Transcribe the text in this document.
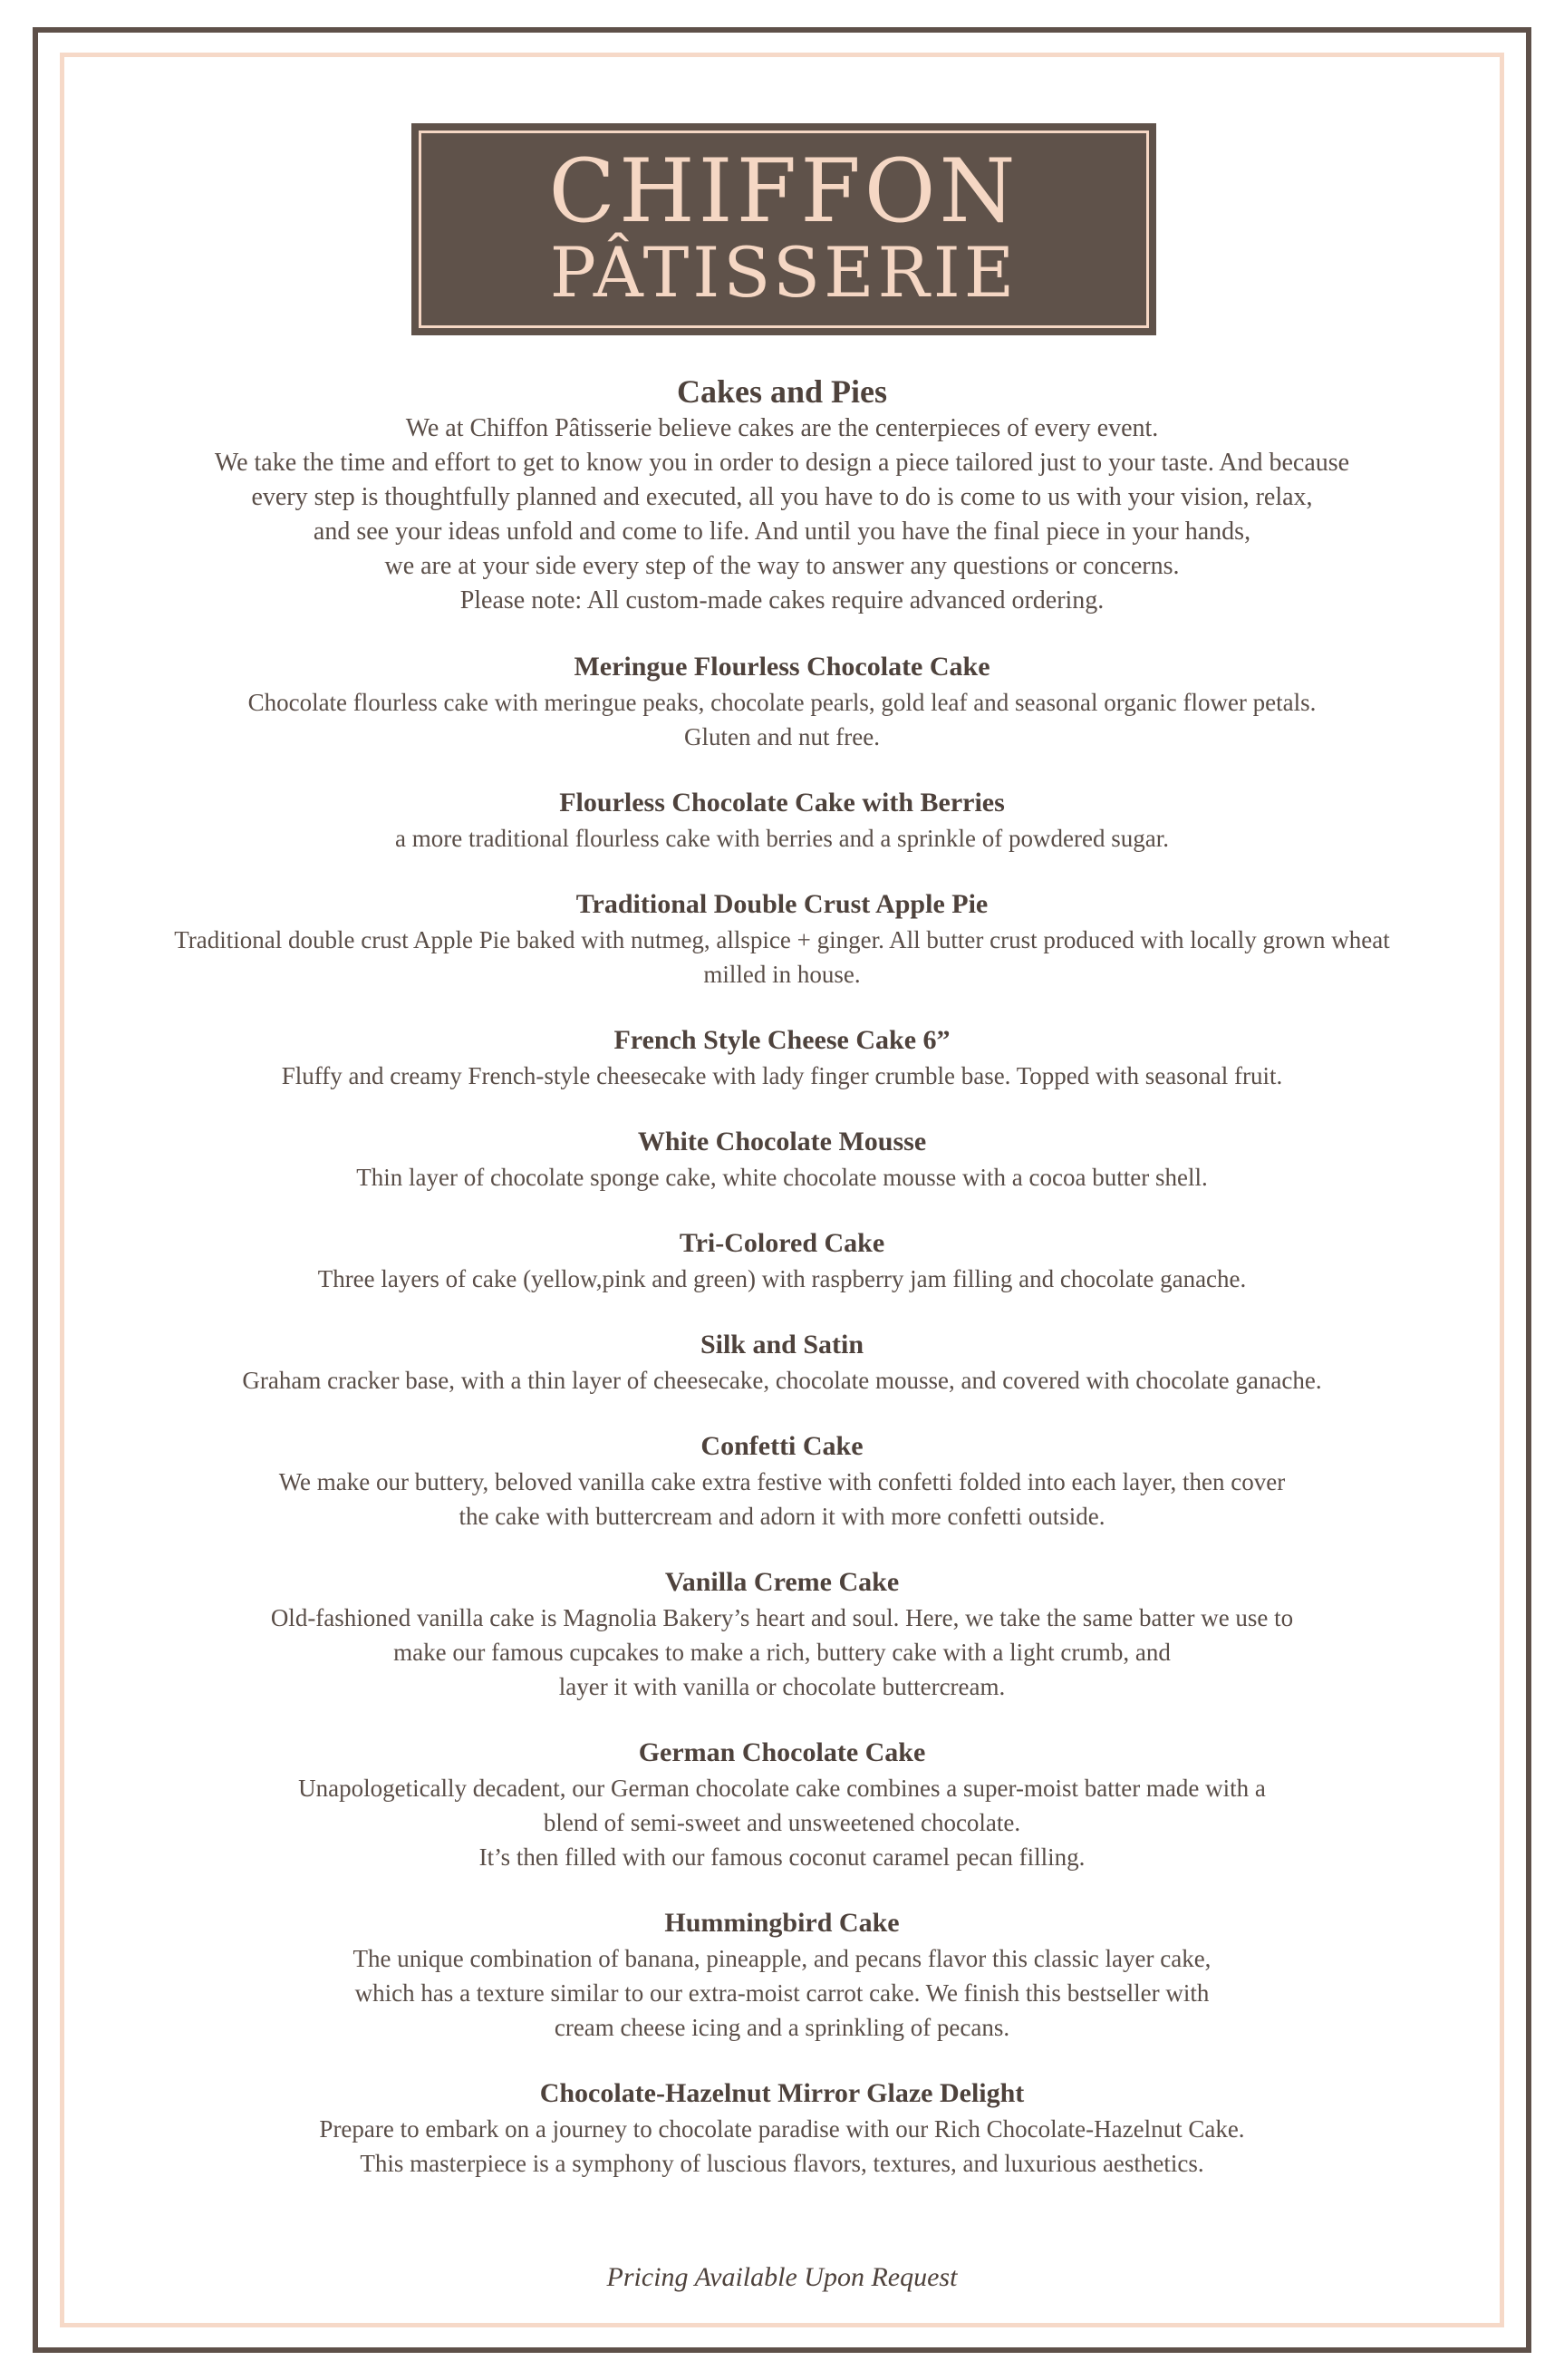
CHIFFON
PÂTISSERIE
Cakes and Pies

We at Chiffon Pâtisserie believe cakes are the centerpieces of every event.

We take the time and effort to get to know you in order to design a piece tailored just to your taste. And because

every step is thoughtfully planned and executed, all you have to do is come to us with your vision, relax,

and see your ideas unfold and come to life. And until you have the final piece in your hands,

we are at your side every step of the way to answer any questions or concerns.

Please note: All custom-made cakes require advanced ordering.

Meringue Flourless Chocolate Cake

Chocolate flourless cake with meringue peaks, chocolate pearls, gold leaf and seasonal organic flower petals.

Gluten and nut free.

Flourless Chocolate Cake with Berries

a more traditional flourless cake with berries and a sprinkle of powdered sugar.

Traditional Double Crust Apple Pie

Traditional double crust Apple Pie baked with nutmeg, allspice + ginger. All butter crust produced with locally grown wheat

milled in house.

French Style Cheese Cake 6”

Fluffy and creamy French-style cheesecake with lady finger crumble base. Topped with seasonal fruit.

White Chocolate Mousse

Thin layer of chocolate sponge cake, white chocolate mousse with a cocoa butter shell.

Tri-Colored Cake

Three layers of cake (yellow,pink and green) with raspberry jam filling and chocolate ganache.

Silk and Satin

Graham cracker base, with a thin layer of cheesecake, chocolate mousse, and covered with chocolate ganache.

Confetti Cake

We make our buttery, beloved vanilla cake extra festive with confetti folded into each layer, then cover

the cake with buttercream and adorn it with more confetti outside.

Vanilla Creme Cake

Old-fashioned vanilla cake is Magnolia Bakery’s heart and soul. Here, we take the same batter we use to

make our famous cupcakes to make a rich, buttery cake with a light crumb, and

layer it with vanilla or chocolate buttercream.

German Chocolate Cake

Unapologetically decadent, our German chocolate cake combines a super-moist batter made with a

blend of semi-sweet and unsweetened chocolate.

It’s then filled with our famous coconut caramel pecan filling.

Hummingbird Cake

The unique combination of banana, pineapple, and pecans flavor this classic layer cake,

which has a texture similar to our extra-moist carrot cake. We finish this bestseller with

cream cheese icing and a sprinkling of pecans.

Chocolate-Hazelnut Mirror Glaze Delight

Prepare to embark on a journey to chocolate paradise with our Rich Chocolate-Hazelnut Cake.

This masterpiece is a symphony of luscious flavors, textures, and luxurious aesthetics.

Pricing Available Upon Request
